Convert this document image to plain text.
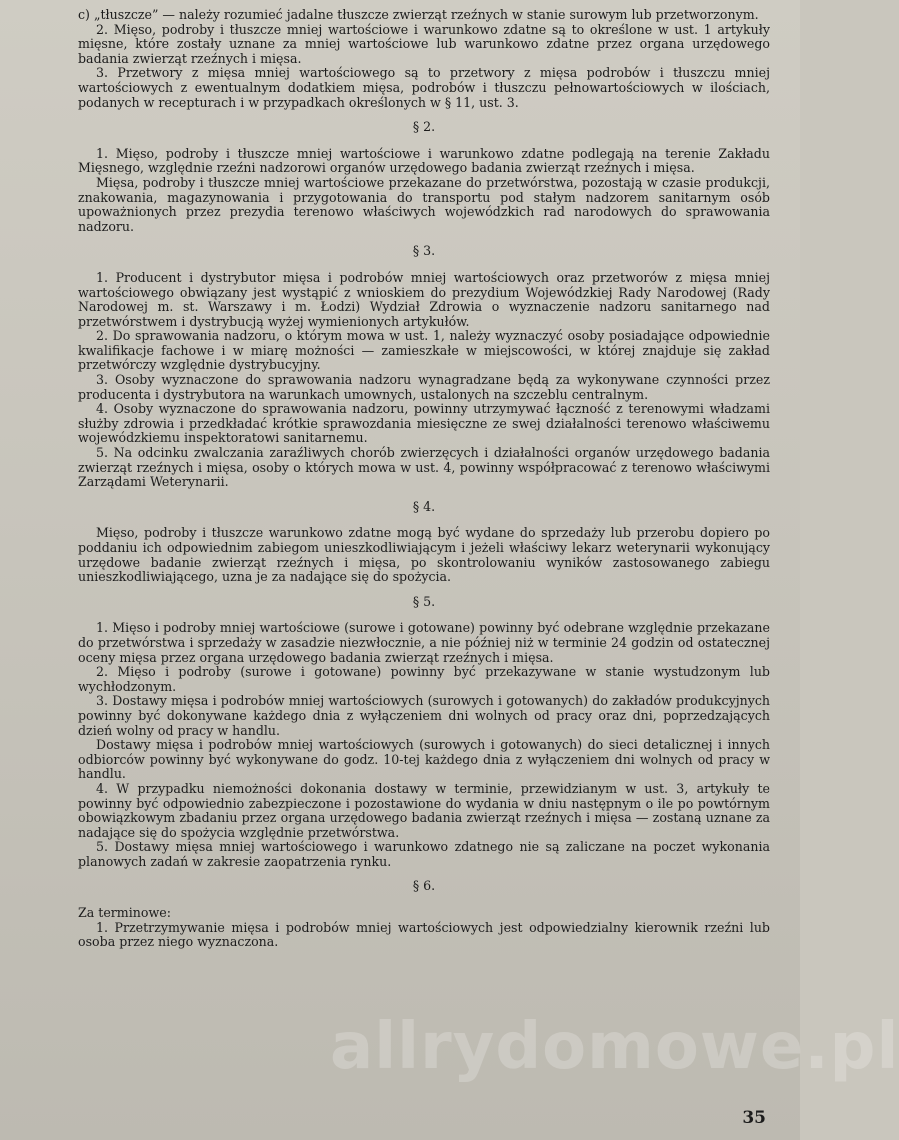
c) „tłuszcze” — należy rozumieć jadalne tłuszcze zwierząt rzeźnych w stanie surowym lub przetworzonym.

2. Mięso, podroby i tłuszcze mniej wartościowe i warunkowo zdatne są to określone w ust. 1 artykuły mięsne, które zostały uznane za mniej wartościowe lub warunkowo zdatne przez organa urzędowego badania zwierząt rzeźnych i mięsa.

3. Przetwory z mięsa mniej wartościowego są to przetwory z mięsa podrobów i tłuszczu mniej wartościowych z ewentualnym dodatkiem mięsa, podrobów i tłuszczu pełnowartościowych w ilościach, podanych w recepturach i w przypadkach określonych w § 11, ust. 3.

§ 2.

1. Mięso, podroby i tłuszcze mniej wartościowe i warunkowo zdatne podlegają na terenie Zakładu Mięsnego, względnie rzeźni nadzorowi organów urzędowego badania zwierząt rzeźnych i mięsa.

Mięsa, podroby i tłuszcze mniej wartościowe przekazane do przetwórstwa, pozostają w czasie produkcji, znakowania, magazynowania i przygotowania do transportu pod stałym nadzorem sanitarnym osób upoważnionych przez prezydia terenowo właściwych wojewódzkich rad narodowych do sprawowania nadzoru.

§ 3.

1. Producent i dystrybutor mięsa i podrobów mniej wartościowych oraz przetworów z mięsa mniej wartościowego obwiązany jest wystąpić z wnioskiem do prezydium Wojewódzkiej Rady Narodowej (Rady Narodowej m. st. Warszawy i m. Łodzi) Wydział Zdrowia o wyznaczenie nadzoru sanitarnego nad przetwórstwem i dystrybucją wyżej wymienionych artykułów.

2. Do sprawowania nadzoru, o którym mowa w ust. 1, należy wyznaczyć osoby posiadające odpowiednie kwalifikacje fachowe i w miarę możności — zamieszkałe w miejscowości, w której znajduje się zakład przetwórczy względnie dystrybucyjny.

3. Osoby wyznaczone do sprawowania nadzoru wynagradzane będą za wykonywane czynności przez producenta i dystrybutora na warunkach umownych, ustalonych na szczeblu centralnym.

4. Osoby wyznaczone do sprawowania nadzoru, powinny utrzymywać łączność z terenowymi władzami służby zdrowia i przedkładać krótkie sprawozdania miesięczne ze swej działalności terenowo właściwemu wojewódzkiemu inspektoratowi sanitarnemu.

5. Na odcinku zwalczania zaraźliwych chorób zwierzęcych i działalności organów urzędowego badania zwierząt rzeźnych i mięsa, osoby o których mowa w ust. 4, powinny współpracować z terenowo właściwymi Zarządami Weterynarii.

§ 4.

Mięso, podroby i tłuszcze warunkowo zdatne mogą być wydane do sprzedaży lub przerobu dopiero po poddaniu ich odpowiednim zabiegom unieszkodliwiającym i jeżeli właściwy lekarz weterynarii wykonujący urzędowe badanie zwierząt rzeźnych i mięsa, po skontrolowaniu wyników zastosowanego zabiegu unieszkodliwiającego, uzna je za nadające się do spożycia.

§ 5.

1. Mięso i podroby mniej wartościowe (surowe i gotowane) powinny być odebrane względnie przekazane do przetwórstwa i sprzedaży w zasadzie niezwłocznie, a nie później niż w terminie 24 godzin od ostatecznej oceny mięsa przez organa urzędowego badania zwierząt rzeźnych i mięsa.

2. Mięso i podroby (surowe i gotowane) powinny być przekazywane w stanie wystudzonym lub wychłodzonym.

3. Dostawy mięsa i podrobów mniej wartościowych (surowych i gotowanych) do zakładów produkcyjnych powinny być dokonywane każdego dnia z wyłączeniem dni wolnych od pracy oraz dni, poprzedzających dzień wolny od pracy w handlu.

Dostawy mięsa i podrobów mniej wartościowych (surowych i gotowanych) do sieci detalicznej i innych odbiorców powinny być wykonywane do godz. 10-tej każdego dnia z wyłączeniem dni wolnych od pracy w handlu.

4. W przypadku niemożności dokonania dostawy w terminie, przewidzianym w ust. 3, artykuły te powinny być odpowiednio zabezpieczone i pozostawione do wydania w dniu następnym o ile po powtórnym obowiązkowym zbadaniu przez organa urzędowego badania zwierząt rzeźnych i mięsa — zostaną uznane za nadające się do spożycia względnie przetwórstwa.

5. Dostawy mięsa mniej wartościowego i warunkowo zdatnego nie są zaliczane na poczet wykonania planowych zadań w zakresie zaopatrzenia rynku.

§ 6.

Za terminowe:

1. Przetrzymywanie mięsa i podrobów mniej wartościowych jest odpowiedzialny kierownik rzeźni lub osoba przez niego wyznaczona.

allrydomowe.pl
35
